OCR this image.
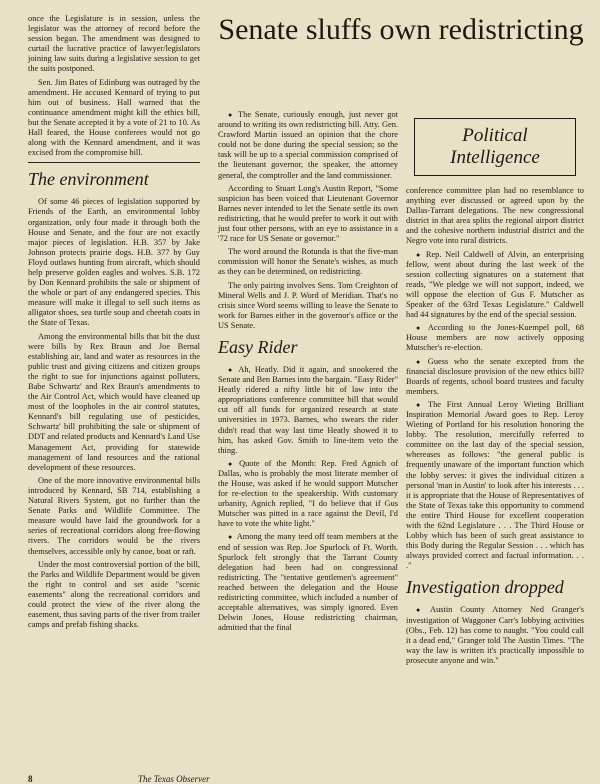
once the Legislature is in session, unless the legislator was the attorney of record before the session began. The amendment was designed to curtail the lucrative practice of lawyer/legislators joining law suits during a legislative session to get the suits postponed.

Sen. Jim Bates of Edinburg was outraged by the amendment. He accused Kennard of trying to put him out of business. Hall warned that the continuance amendment might kill the ethics bill, but the Senate accepted it by a vote of 21 to 10. As Hall feared, the House conferees would not go along with the Kennard amendment, and it was excised from the compromise bill.

The environment

Of some 46 pieces of legislation supported by Friends of the Earth, an environmental lobby organization, only four made it through both the House and Senate, and the four are not exactly major pieces of legislation. H.B. 357 by Jake Johnson protects prairie dogs. H.B. 377 by Guy Floyd outlaws hunting from aircraft, which should help preserve golden eagles and wolves. S.B. 172 by Don Kennard prohibits the sale or shipment of the whole or part of any endangered species. This measure will make it illegal to sell such items as alligator shoes, sea turtle soup and cheetah coats in the State of Texas.

Among the environmental bills that bit the dust were bills by Rex Braun and Joe Bernal establishing air, land and water as resources in the public trust and giving citizens and citizen groups the right to sue for injunctions against polluters, Babe Schwartz' and Rex Braun's amendments to the Air Control Act, which would have cleaned up most of the loopholes in the air control statutes, Kennard's bill regulating use of pesticides, Schwartz' bill prohibiting the sale or shipment of DDT and related products and Kennard's Land Use Management Act, providing for statewide management of land resources and the rational development of these resources.

One of the more innovative environmental bills introduced by Kennard, SB 714, establishing a Natural Rivers System, got no further than the Senate Parks and Wildlife Committee. The measure would have laid the groundwork for a series of recreational corridors along free-flowing rivers. The corridors would be the rivers themselves, accessible only by canoe, boat or raft.

Under the most controversial portion of the bill, the Parks and Wildlife Department would be given the right to control and set aside "scenic easements" along the recreational corridors and could protect the view of the river along the easement, thus saving parts of the river from trailer camps and prefab fishing shacks.

Senate sluffs own redistricting

● The Senate, curiously enough, just never got around to writing its own redistricting bill. Atty. Gen. Crawford Martin issued an opinion that the chore could not be done during the special session; so the task will be up to a special commission comprised of the lieutenant governor, the speaker, the attorney general, the comptroller and the land commissioner.

According to Stuart Long's Austin Report, "Some suspicion has been voiced that Lieutenant Governor Barnes never intended to let the Senate settle its own redistricting, that he would prefer to work it out with just four other persons, with an eye to assistance in a '72 race for US Senate or governor."

The word around the Rotunda is that the five-man commission will honor the Senate's wishes, as much as they can be determined, on redistricting.

The only pairing involves Sens. Tom Creighton of Mineral Wells and J. P. Word of Meridian. That's no crisis since Word seems willing to leave the Senate to work for Barnes either in the governor's office or the US Senate.

Easy Rider

● Ah, Heatly. Did it again, and snookered the Senate and Ben Barnes into the bargain. "Easy Rider" Heatly ridered a nifty little bit of law into the appropriations conference committee bill that would cut off all funds for organized research at state universities in 1973. Barnes, who swears the rider didn't read that way last time Heatly showed it to him, has asked Gov. Smith to line-item veto the thing.

● Quote of the Month: Rep. Fred Agnich of Dallas, who is probably the most literate member of the House, was asked if he would support Mutscher for re-election to the speakership. With customary urbanity, Agnich replied, "I do believe that if Gus Mutscher was pitted in a race against the Devil, I'd have to vote the white light."

● Among the many teed off team members at the end of session was Rep. Joe Spurlock of Ft. Worth. Spurlock felt strongly that the Tarrant County delegation had been had on congressional redistricting. The "tentative gentlemen's agreement" reached between the delegation and the House redistricting committee, which included a number of acceptable alternatives, was simply ignored. Even Delwin Jones, House redistricting chairman, admitted that the final

Political
Intelligence

conference committee plan had no resemblance to anything ever discussed or agreed upon by the Dallas-Tarrant delegations. The new congressional district in that area splits the regional airport district and the cohesive northern industrial district and the Negro vote into rural districts.

● Rep. Neil Caldwell of Alvin, an enterprising fellow, went about during the last week of the session collecting signatures on a statement that reads, "We pledge we will not support, indeed, we will oppose the election of Gus F. Mutscher as Speaker of the 63rd Texas Legislature." Caldwell had 44 signatures by the end of the special session.

● According to the Jones-Kuempel poll, 68 House members are now actively opposing Mutscher's re-election.

● Guess who the senate excepted from the financial disclosure provision of the new ethics bill? Boards of regents, school board trustees and faculty members.

● The First Annual Leroy Wieting Brilliant Inspiration Memorial Award goes to Rep. Leroy Wieting of Portland for his resolution honoring the lobby. The resolution, mercifully referred to committee on the last day of the special session, whereases as follows: "the general public is frequently unaware of the important function which the lobby serves: it gives the individual citizen a personal 'man in Austin' to look after his interests . . . it is appropriate that the House of Representatives of the State of Texas take this opportunity to commend the entire Third House for excellent cooperation with the 62nd Legislature . . . The Third House or Lobby which has been of such great assistance to this Body during the Regular Session . . . which has always provided correct and factual information. . . ."

Investigation dropped

● Austin County Attorney Ned Granger's investigation of Waggoner Carr's lobbying activities (Obs., Feb. 12) has come to naught. "You could call it a dead end," Granger told The Austin Times. "The way the law is written it's practically impossible to prosecute anyone and win."

8	The Texas Observer
